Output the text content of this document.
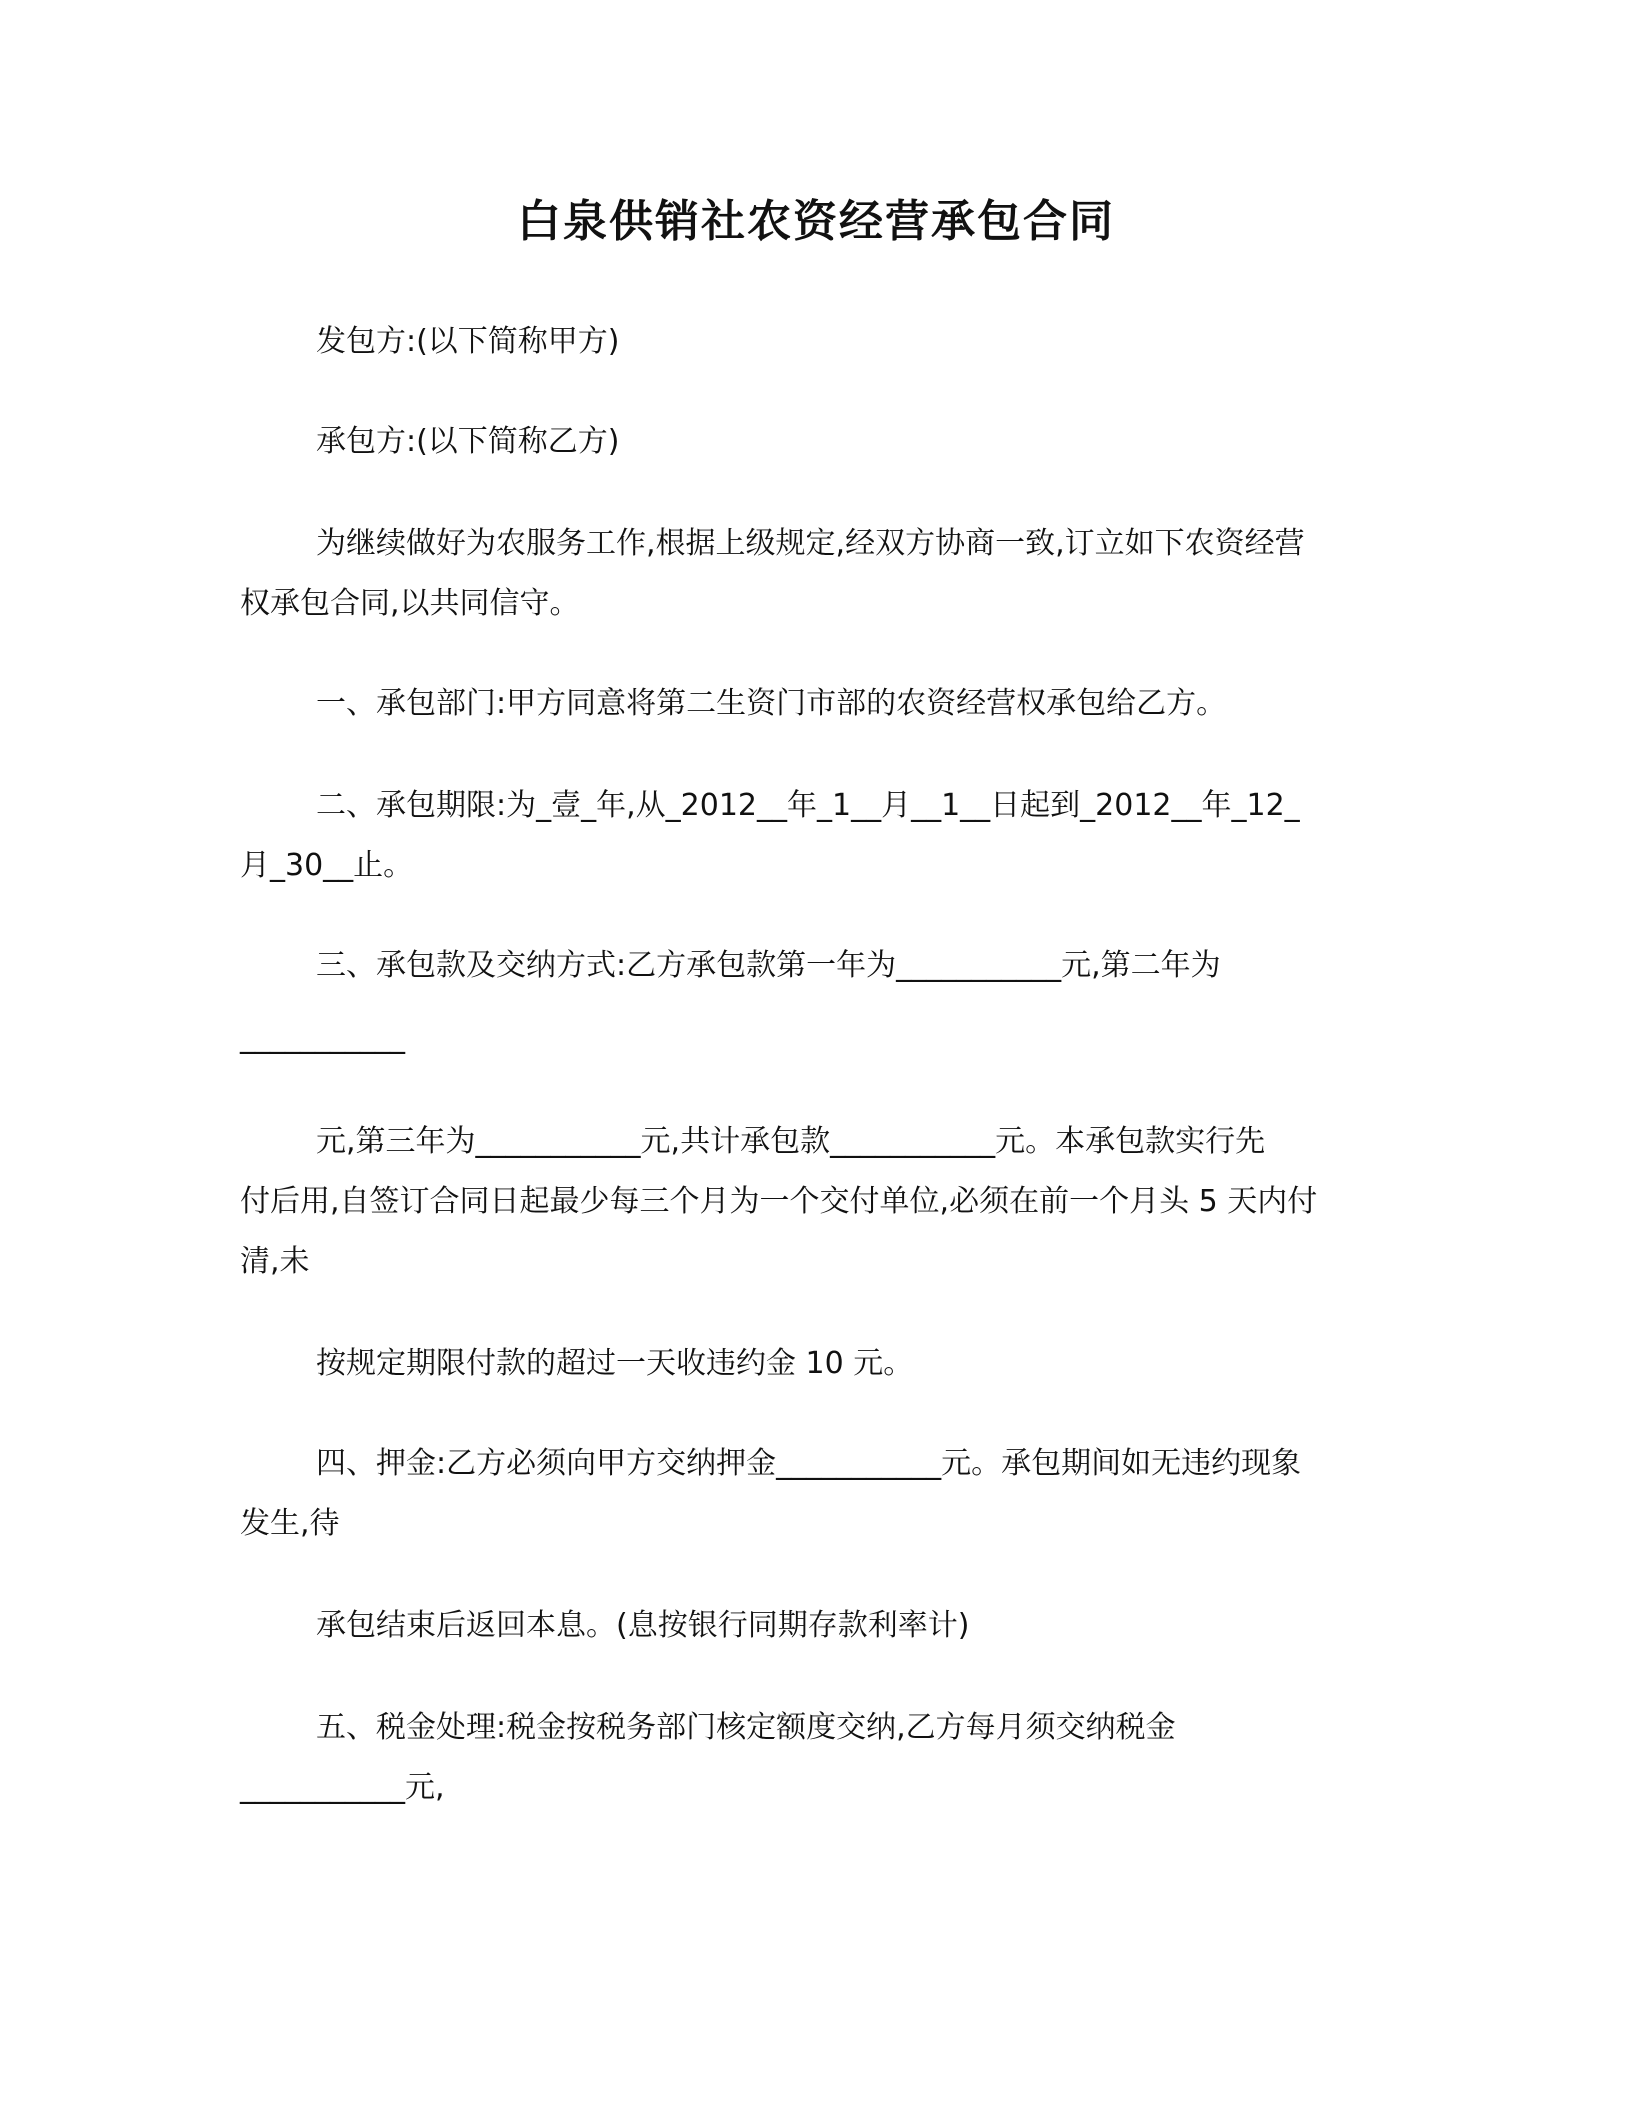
白泉供销社农资经营承包合同
发包方:(以下简称甲方)
承包方:(以下简称乙方)
为继续做好为农服务工作,根据上级规定,经双方协商一致,订立如下农资经营
权承包合同,以共同信守。
一、承包部门:甲方同意将第二生资门市部的农资经营权承包给乙方。
二、承包期限:为_壹_年,从_2012__年_1__月__1__日起到_2012__年_12_
月_30__止。
三、承包款及交纳方式:乙方承包款第一年为___________元,第二年为
___________
元,第三年为___________元,共计承包款___________元。本承包款实行先
付后用,自签订合同日起最少每三个月为一个交付单位,必须在前一个月头 5 天内付
清,未
按规定期限付款的超过一天收违约金 10 元。
四、押金:乙方必须向甲方交纳押金___________元。承包期间如无违约现象
发生,待
承包结束后返回本息。(息按银行同期存款利率计)
五、税金处理:税金按税务部门核定额度交纳,乙方每月须交纳税金
___________元,
